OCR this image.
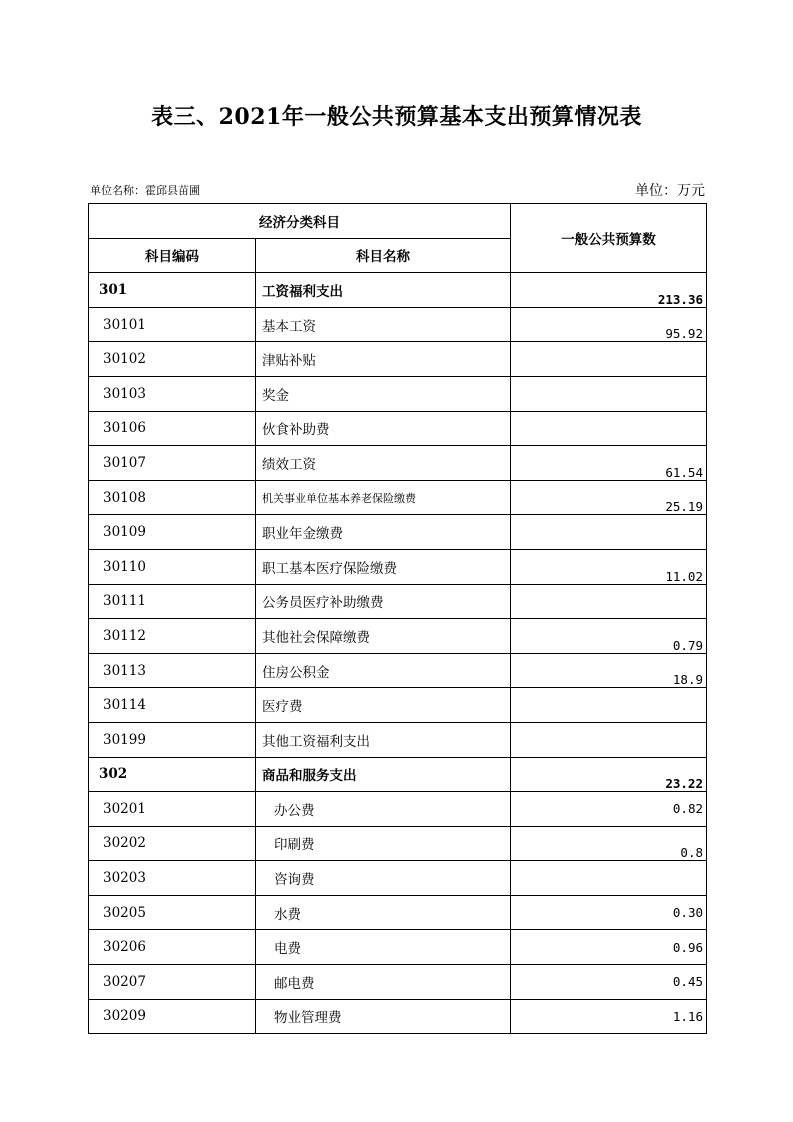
表三、2021年一般公共预算基本支出预算情况表
单位名称：霍邱县苗圃	单位：万元
经济分类科目		一般公共预算数
科目编码	科目名称	
301	工资福利支出	213.36
30101	基本工资	95.92
30102	津贴补贴	
30103	奖金	
30106	伙食补助费	
30107	绩效工资	61.54
30108	机关事业单位基本养老保险缴费	25.19
30109	职业年金缴费	
30110	职工基本医疗保险缴费	11.02
30111	公务员医疗补助缴费	
30112	其他社会保障缴费	0.79
30113	住房公积金	18.9
30114	医疗费	
30199	其他工资福利支出	
302	商品和服务支出	23.22
30201	办公费	0.82
30202	印刷费	0.8
30203	咨询费	
30205	水费	0.30
30206	电费	0.96
30207	邮电费	0.45
30209	物业管理费	1.16
